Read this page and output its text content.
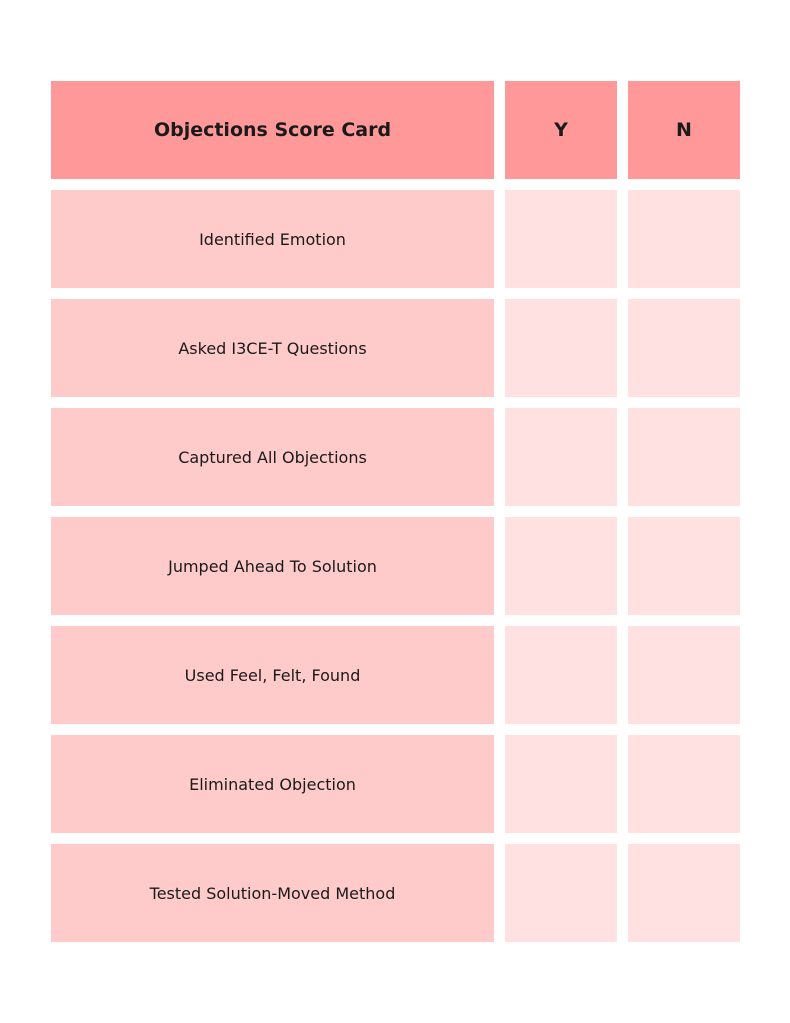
Objections Score Card	Y	N
Identified Emotion
Asked I3CE-T Questions
Captured All Objections
Jumped Ahead To Solution
Used Feel, Felt, Found
Eliminated Objection
Tested Solution-Moved Method
